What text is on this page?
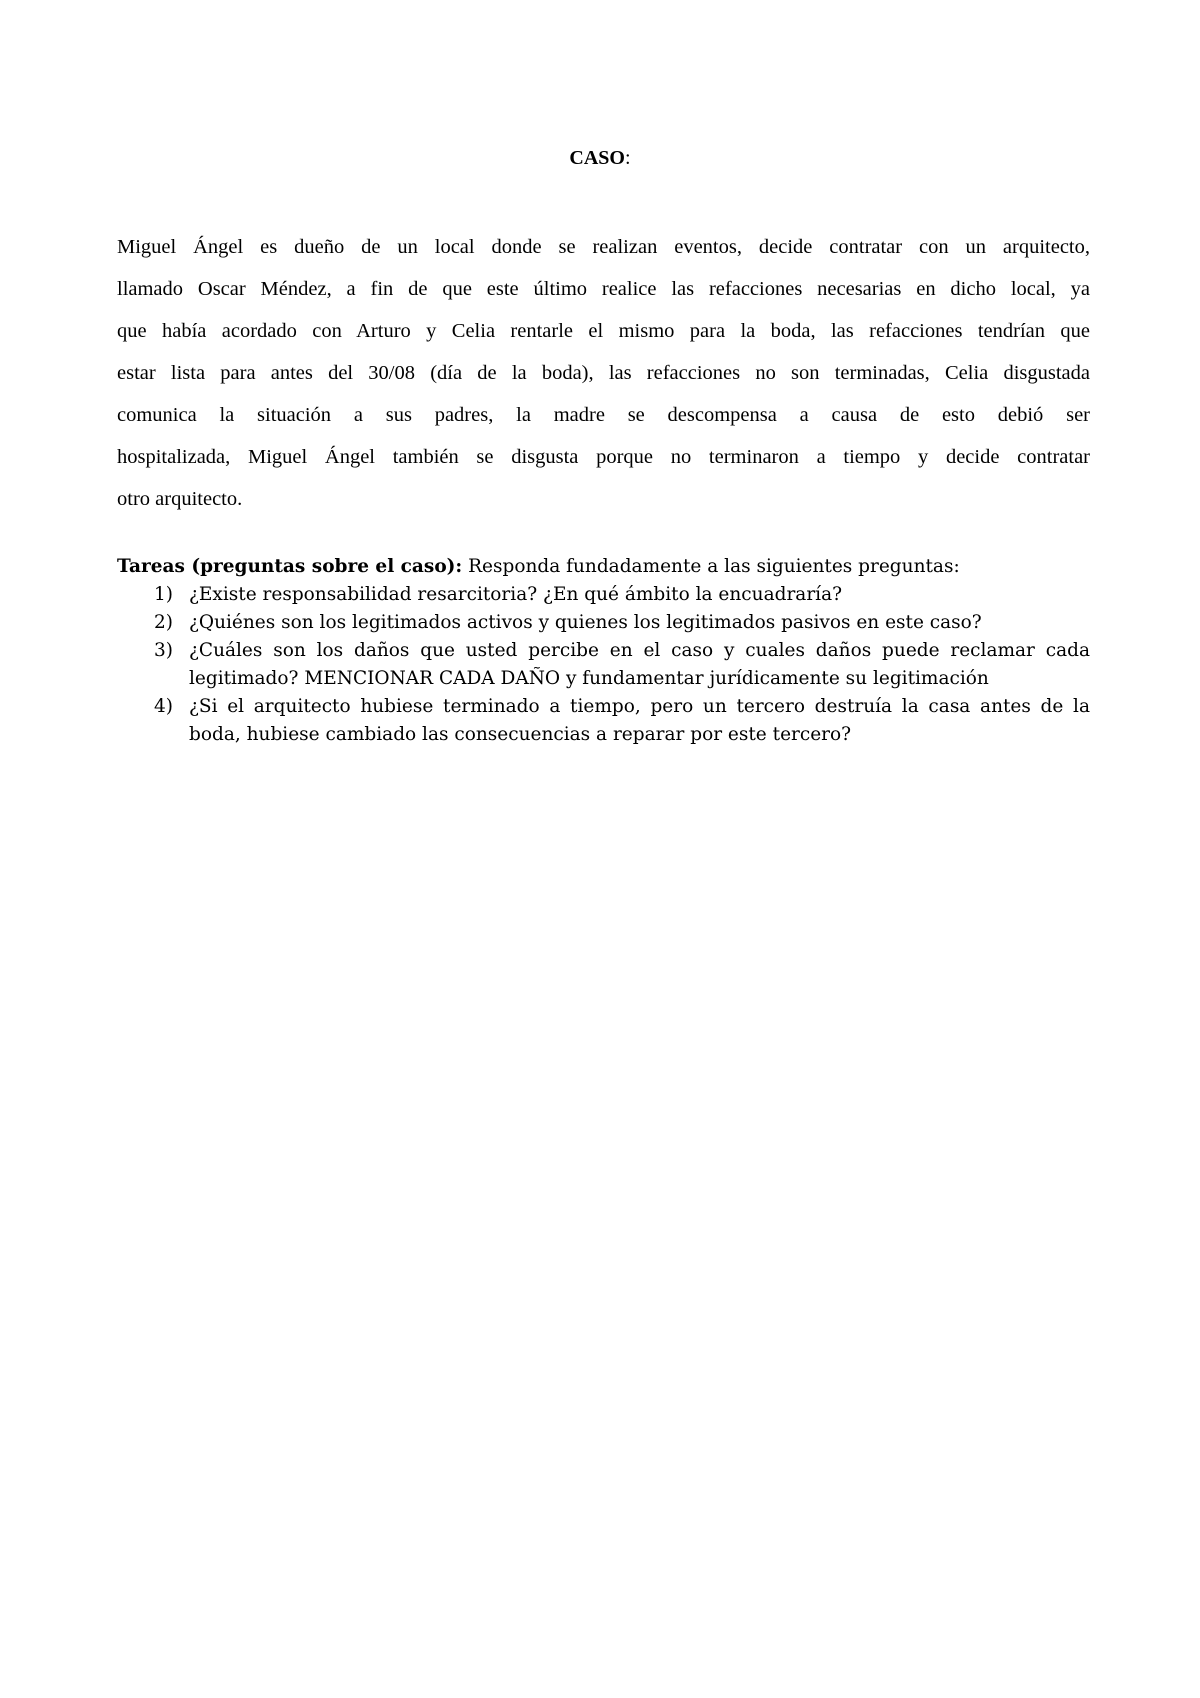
CASO:
Miguel Ángel es dueño de un local donde se realizan eventos, decide contratar con un arquitecto,
llamado Oscar Méndez, a fin de que este último realice las refacciones necesarias en dicho local, ya
que había acordado con Arturo y Celia rentarle el mismo para la boda, las refacciones tendrían que
estar lista para antes del 30/08 (día de la boda), las refacciones no son terminadas, Celia disgustada
comunica la situación a sus padres, la madre se descompensa a causa de esto debió ser
hospitalizada, Miguel Ángel también se disgusta porque no terminaron a tiempo y decide contratar
otro arquitecto.
Tareas (preguntas sobre el caso): Responda fundadamente a las siguientes preguntas:
1) ¿Existe responsabilidad resarcitoria? ¿En qué ámbito la encuadraría?
2) ¿Quiénes son los legitimados activos y quienes los legitimados pasivos en este caso?
3) ¿Cuáles son los daños que usted percibe en el caso y cuales daños puede reclamar cada
legitimado? MENCIONAR CADA DAÑO y fundamentar jurídicamente su legitimación
4) ¿Si el arquitecto hubiese terminado a tiempo, pero un tercero destruía la casa antes de la
boda, hubiese cambiado las consecuencias a reparar por este tercero?
